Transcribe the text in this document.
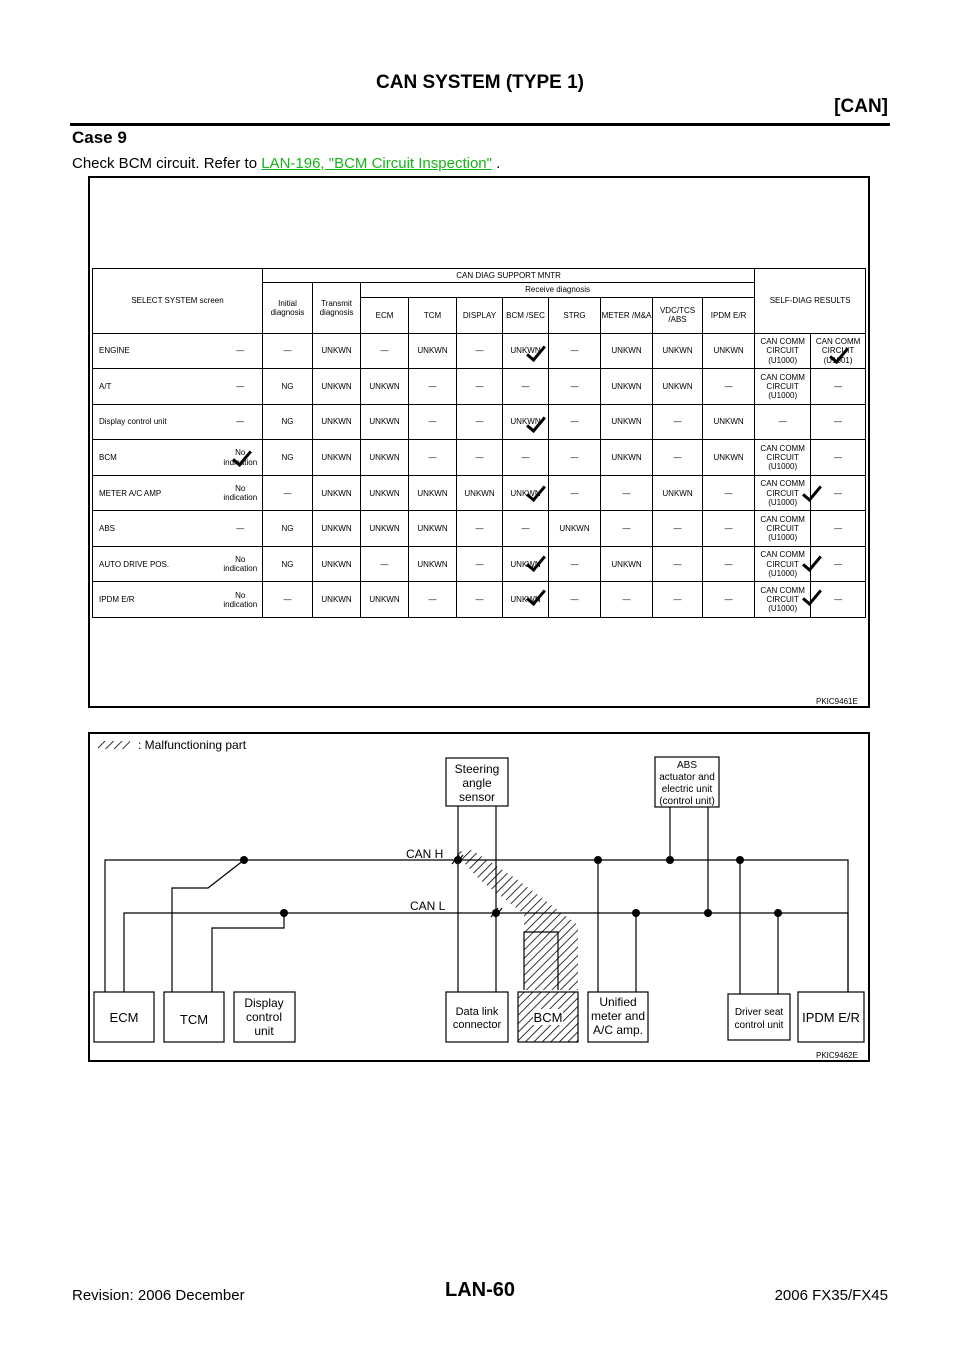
CAN SYSTEM (TYPE 1)
[CAN]
Case 9
Check BCM circuit. Refer to LAN-196, "BCM Circuit Inspection" .
SELECT SYSTEM screen		CAN DIAG SUPPORT MNTR										SELF-DIAG RESULTS	
		Initial diagnosis	Transmit diagnosis	Receive diagnosis									
				ECM	TCM	DISPLAY	BCM /SEC	STRG	METER /M&A	VDC/TCS /ABS	IPDM E/R		
ENGINE	—	—	UNKWN	—	UNKWN	—	UNKWN	—	UNKWN	UNKWN	UNKWN	CAN COMM CIRCUIT (U1000)	CAN COMM CIRCUIT (U1001)
A/T	—	NG	UNKWN	UNKWN	—	—	—	—	UNKWN	UNKWN	—	CAN COMM CIRCUIT (U1000)	—
Display control unit	—	NG	UNKWN	UNKWN	—	—	UNKWN	—	UNKWN	—	UNKWN	—	—
BCM	No indication	NG	UNKWN	UNKWN	—	—	—	—	UNKWN	—	UNKWN	CAN COMM CIRCUIT (U1000)	—
METER A/C AMP	No indication	—	UNKWN	UNKWN	UNKWN	UNKWN	UNKWN	—	—	UNKWN	—	CAN COMM CIRCUIT (U1000)	—
ABS	—	NG	UNKWN	UNKWN	UNKWN	—	—	UNKWN	—	—	—	CAN COMM CIRCUIT (U1000)	—
AUTO DRIVE POS.	No indication	NG	UNKWN	—	UNKWN	—	UNKWN	—	UNKWN	—	—	CAN COMM CIRCUIT (U1000)	—
IPDM E/R	No indication	—	UNKWN	UNKWN	—	—	UNKWN	—	—	—	—	CAN COMM CIRCUIT (U1000)	—
PKIC9461E
: Malfunctioning part
CAN H
CAN L
Steering
angle
sensor
ABS
actuator and
electric unit
(control unit)
ECM	TCM
Display
control
unit
Data link
connector BCM
Unified
meter and
A/C amp.
Driver seat
control unit
IPDM E/R
PKIC9462E
Revision: 2006 December	LAN-60	2006 FX35/FX45
